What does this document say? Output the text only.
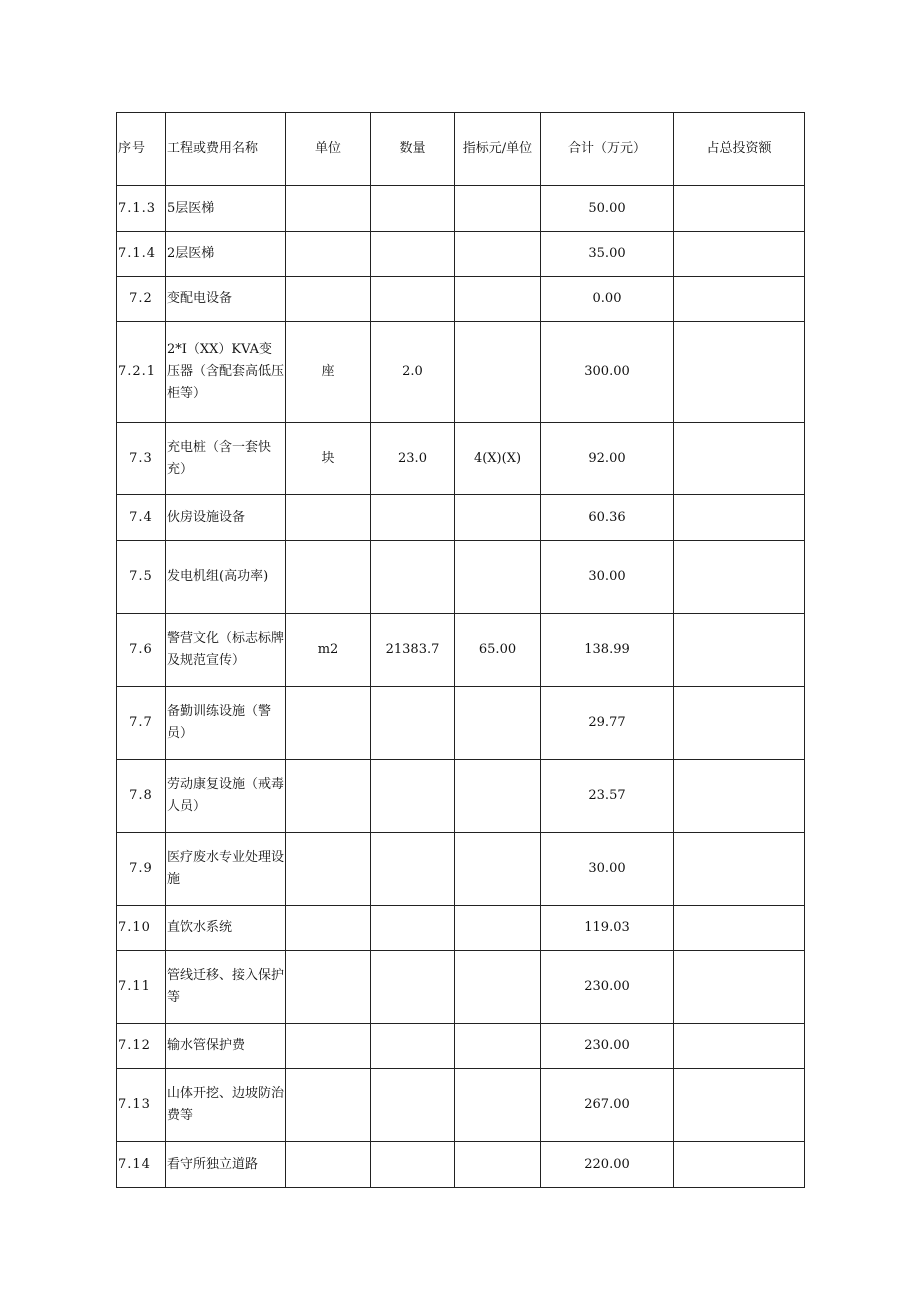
序号	工程或费用名称	单位	数量	指标元/单位	合计（万元）	占总投资额
7.1.3	5层医梯				50.00	
7.1.4	2层医梯				35.00	
7.2	变配电设备				0.00	
7.2.1	2*I（XX）KVA变压器（含配套高低压柜等）	座	2.0		300.00	
7.3	充电桩（含一套快充）	块	23.0	4(X)(X)	92.00	
7.4	伙房设施设备				60.36	
7.5	发电机组(高功率)				30.00	
7.6	警营文化（标志标牌及规范宣传）	m2	21383.7	65.00	138.99	
7.7	备勤训练设施（警员）				29.77	
7.8	劳动康复设施（戒毒人员）				23.57	
7.9	医疗废水专业处理设施				30.00	
7.10	直饮水系统				119.03	
7.11	管线迁移、接入保护等				230.00	
7.12	输水管保护费				230.00	
7.13	山体开挖、边坡防治费等				267.00	
7.14	看守所独立道路				220.00	
